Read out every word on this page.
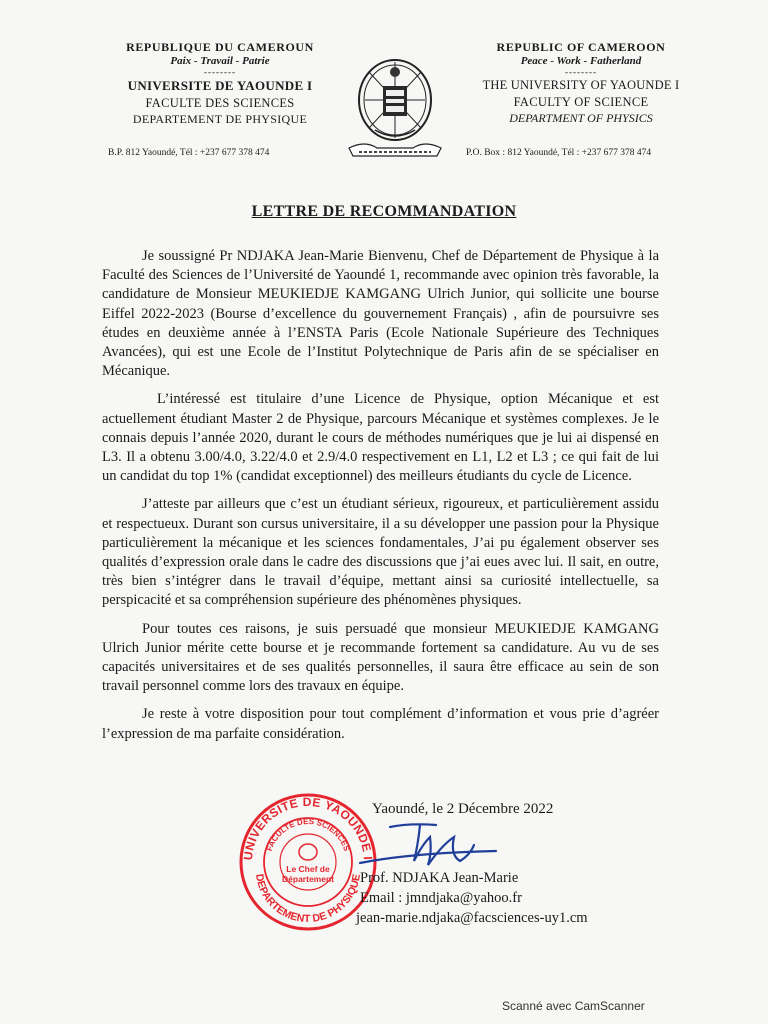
REPUBLIQUE DU CAMEROUN
Paix - Travail - Patrie
--------
UNIVERSITE DE YAOUNDE I
FACULTE DES SCIENCES
DEPARTEMENT DE PHYSIQUE
B.P. 812 Yaoundé, Tél : +237 677 378 474
REPUBLIC OF CAMEROON
Peace - Work - Fatherland
--------
THE UNIVERSITY OF YAOUNDE I
FACULTY OF SCIENCE
DEPARTMENT OF PHYSICS
P.O. Box : 812 Yaoundé, Tél : +237 677 378 474
LETTRE DE RECOMMANDATION

Je soussigné Pr NDJAKA Jean-Marie Bienvenu, Chef de Département de Physique à la Faculté des Sciences de l’Université de Yaoundé 1, recommande avec opinion très favorable, la candidature de Monsieur MEUKIEDJE KAMGANG Ulrich Junior, qui sollicite une bourse Eiffel 2022-2023 (Bourse d’excellence du gouvernement Français) , afin de poursuivre ses études en deuxième année à l’ENSTA Paris (Ecole Nationale Supérieure des Techniques Avancées), qui est une Ecole de l’Institut Polytechnique de Paris afin de se spécialiser en Mécanique.

L’intéressé est titulaire d’une Licence de Physique, option Mécanique et est actuellement étudiant Master 2 de Physique, parcours Mécanique et systèmes complexes. Je le connais depuis l’année 2020, durant le cours de méthodes numériques que je lui ai dispensé en L3. Il a obtenu 3.00/4.0, 3.22/4.0 et 2.9/4.0 respectivement en L1, L2 et L3 ; ce qui fait de lui un candidat du top 1% (candidat exceptionnel) des meilleurs étudiants du cycle de Licence.

J’atteste par ailleurs que c’est un étudiant sérieux, rigoureux, et particulièrement assidu et respectueux. Durant son cursus universitaire, il a su développer une passion pour la Physique particulièrement la mécanique et les sciences fondamentales, J’ai pu également observer ses qualités d’expression orale dans le cadre des discussions que j’ai eues avec lui. Il sait, en outre, très bien s’intégrer dans le travail d’équipe, mettant ainsi sa curiosité intellectuelle, sa perspicacité et sa compréhension supérieure des phénomènes physiques.

Pour toutes ces raisons, je suis persuadé que monsieur MEUKIEDJE KAMGANG Ulrich Junior mérite cette bourse et je recommande fortement sa candidature. Au vu de ses capacités universitaires et de ses qualités personnelles, il saura être efficace au sein de son travail personnel comme lors des travaux en équipe.

Je reste à votre disposition pour tout complément d’information et vous prie d’agréer l’expression de ma parfaite considération.

Yaoundé, le 2 Décembre 2022
UNIVERSITE DE YAOUNDE I
DEPARTEMENT DE PHYSIQUE
FACULTE DES SCIENCES
Le Chef de
Département Prof. NDJAKA Jean-Marie
Email : jmndjaka@yahoo.fr
jean-marie.ndjaka@facsciences-uy1.cm
Scanné avec CamScanner
